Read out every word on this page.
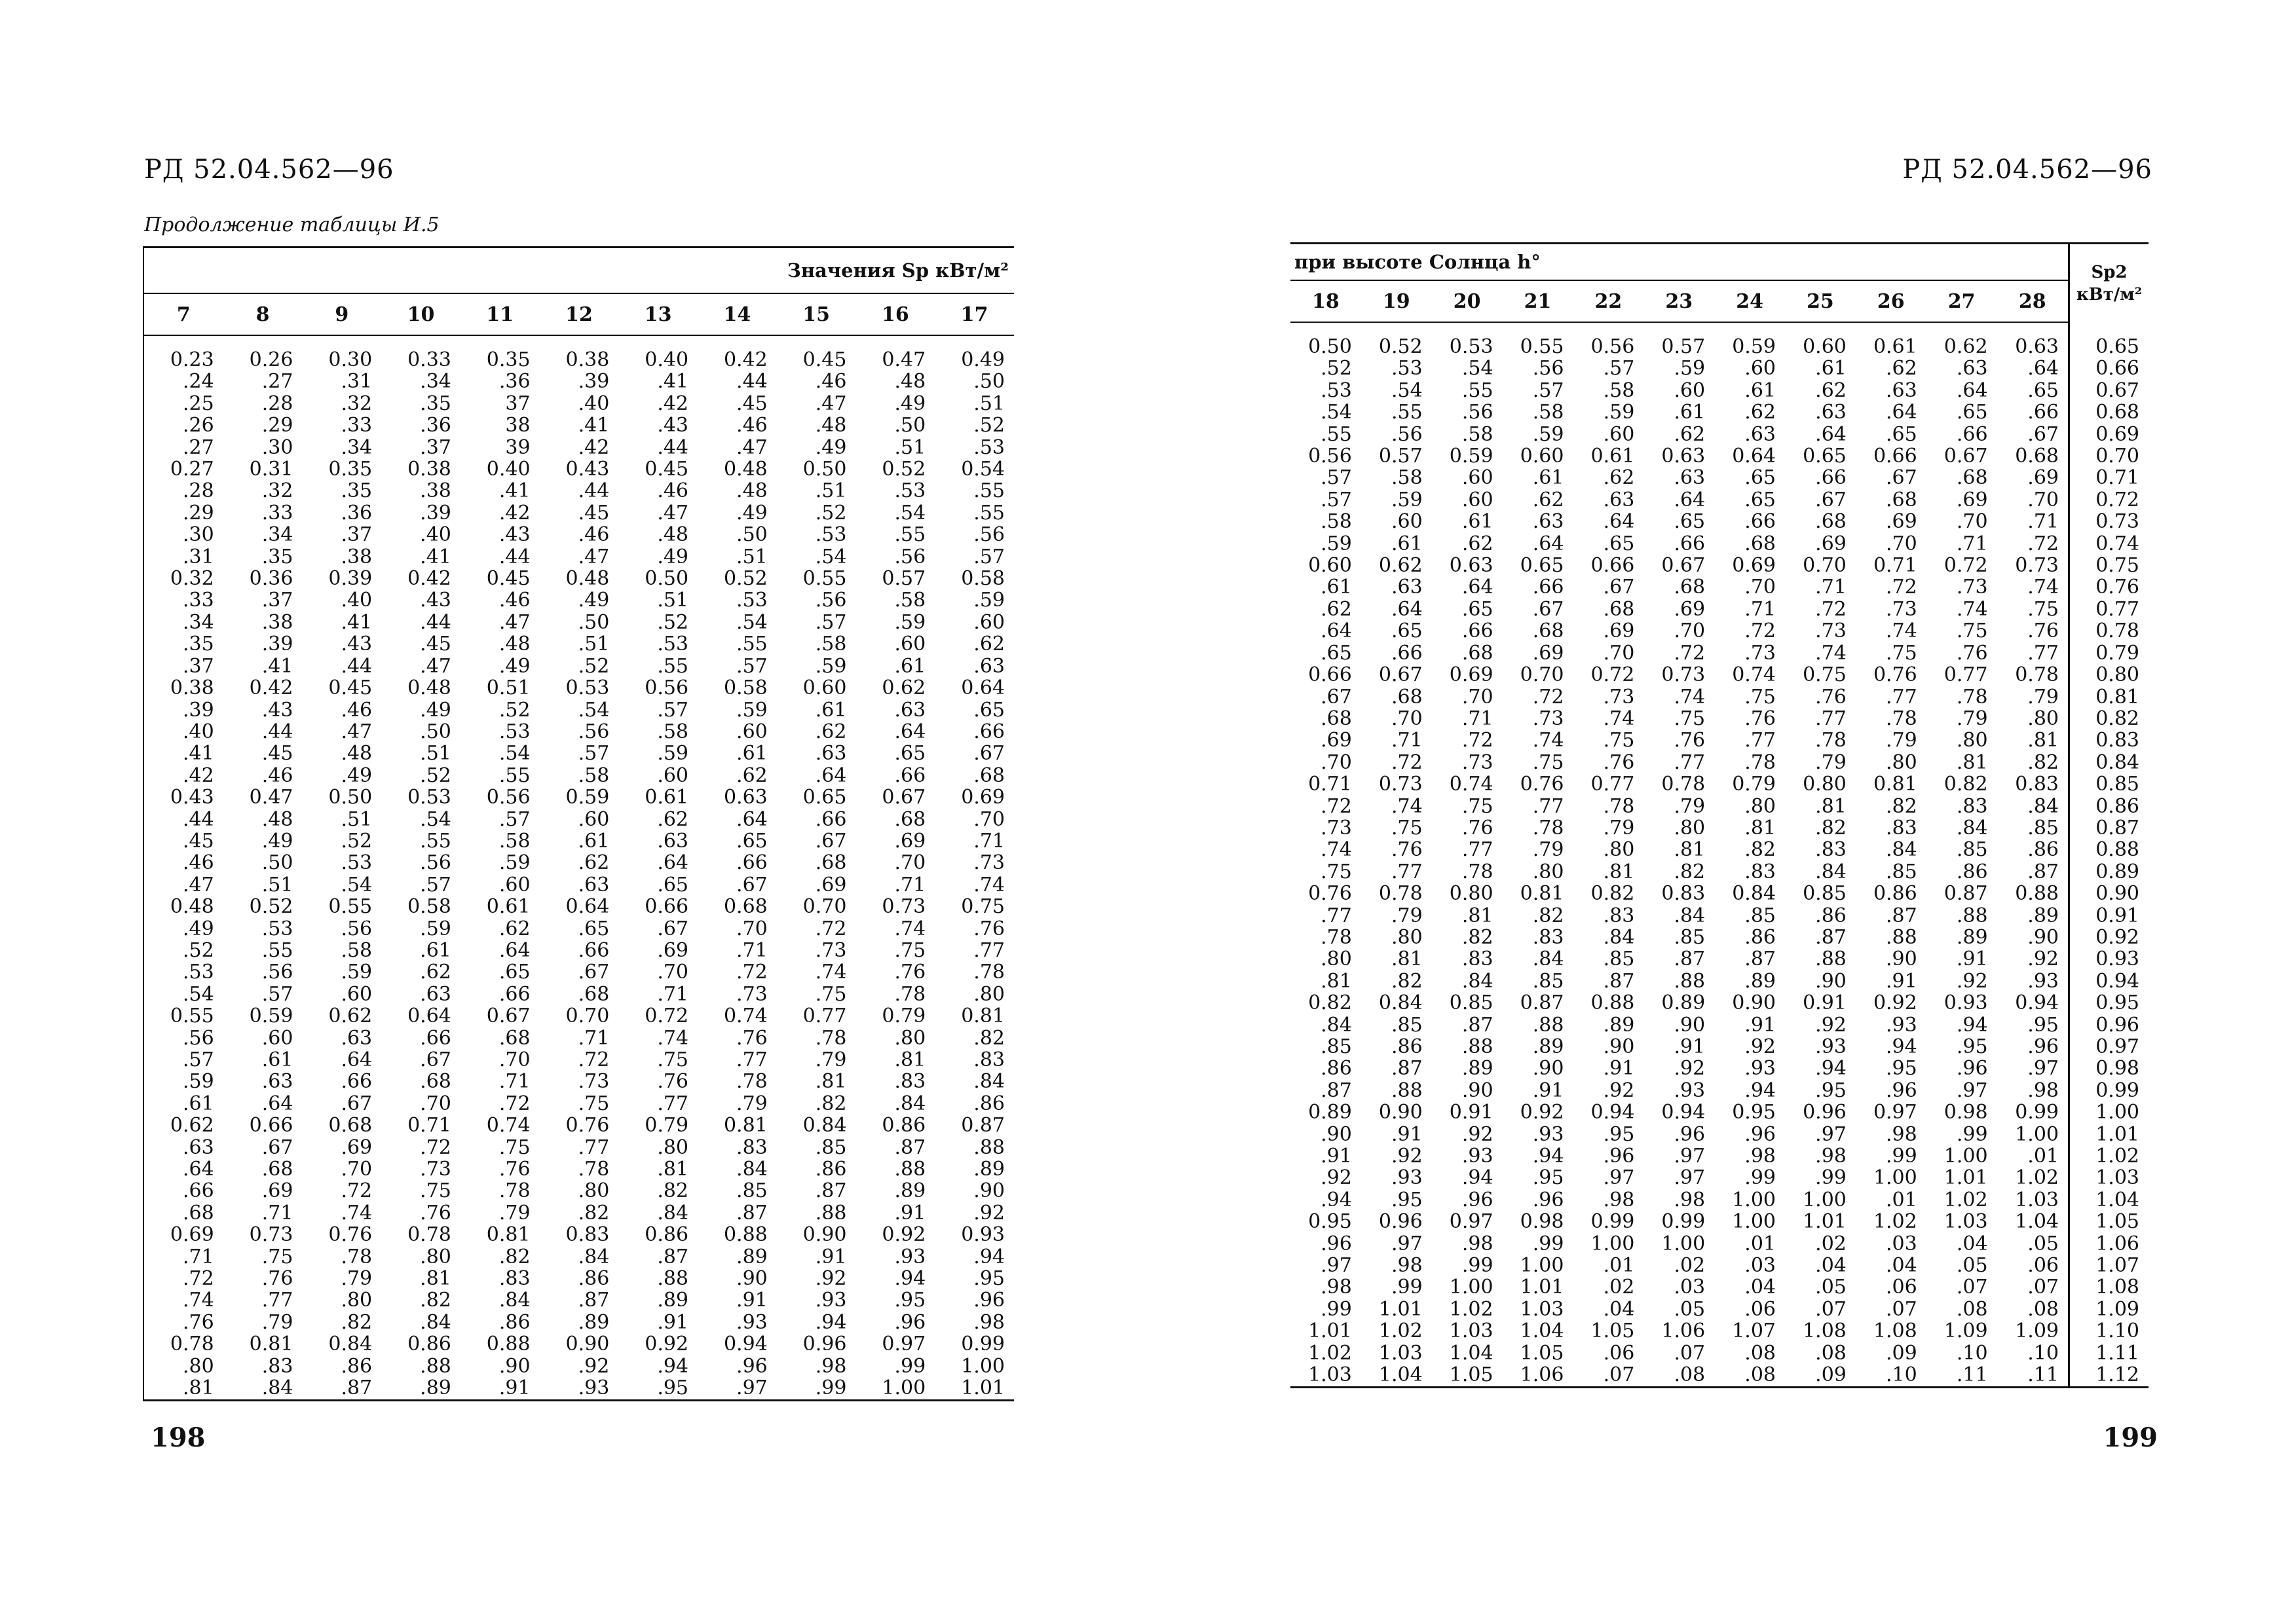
РД 52.04.562—96	РД 52.04.562—96
Продолжение таблицы И.5
Значения Sp кВт/м²										
7	8	9	10	11	12	13	14	15	16	17

0.23	0.26	0.30	0.33	0.35	0.38	0.40	0.42	0.45	0.47	0.49
.24	.27	.31	.34	.36	.39	.41	.44	.46	.48	.50
.25	.28	.32	.35	37	.40	.42	.45	.47	.49	.51
.26	.29	.33	.36	38	.41	.43	.46	.48	.50	.52
.27	.30	.34	.37	39	.42	.44	.47	.49	.51	.53
0.27	0.31	0.35	0.38	0.40	0.43	0.45	0.48	0.50	0.52	0.54
.28	.32	.35	.38	.41	.44	.46	.48	.51	.53	.55
.29	.33	.36	.39	.42	.45	.47	.49	.52	.54	.55
.30	.34	.37	.40	.43	.46	.48	.50	.53	.55	.56
.31	.35	.38	.41	.44	.47	.49	.51	.54	.56	.57
0.32	0.36	0.39	0.42	0.45	0.48	0.50	0.52	0.55	0.57	0.58
.33	.37	.40	.43	.46	.49	.51	.53	.56	.58	.59
.34	.38	.41	.44	.47	.50	.52	.54	.57	.59	.60
.35	.39	.43	.45	.48	.51	.53	.55	.58	.60	.62
.37	.41	.44	.47	.49	.52	.55	.57	.59	.61	.63
0.38	0.42	0.45	0.48	0.51	0.53	0.56	0.58	0.60	0.62	0.64
.39	.43	.46	.49	.52	.54	.57	.59	.61	.63	.65
.40	.44	.47	.50	.53	.56	.58	.60	.62	.64	.66
.41	.45	.48	.51	.54	.57	.59	.61	.63	.65	.67
.42	.46	.49	.52	.55	.58	.60	.62	.64	.66	.68
0.43	0.47	0.50	0.53	0.56	0.59	0.61	0.63	0.65	0.67	0.69
.44	.48	.51	.54	.57	.60	.62	.64	.66	.68	.70
.45	.49	.52	.55	.58	.61	.63	.65	.67	.69	.71
.46	.50	.53	.56	.59	.62	.64	.66	.68	.70	.73
.47	.51	.54	.57	.60	.63	.65	.67	.69	.71	.74
0.48	0.52	0.55	0.58	0.61	0.64	0.66	0.68	0.70	0.73	0.75
.49	.53	.56	.59	.62	.65	.67	.70	.72	.74	.76
.52	.55	.58	.61	.64	.66	.69	.71	.73	.75	.77
.53	.56	.59	.62	.65	.67	.70	.72	.74	.76	.78
.54	.57	.60	.63	.66	.68	.71	.73	.75	.78	.80
0.55	0.59	0.62	0.64	0.67	0.70	0.72	0.74	0.77	0.79	0.81
.56	.60	.63	.66	.68	.71	.74	.76	.78	.80	.82
.57	.61	.64	.67	.70	.72	.75	.77	.79	.81	.83
.59	.63	.66	.68	.71	.73	.76	.78	.81	.83	.84
.61	.64	.67	.70	.72	.75	.77	.79	.82	.84	.86
0.62	0.66	0.68	0.71	0.74	0.76	0.79	0.81	0.84	0.86	0.87
.63	.67	.69	.72	.75	.77	.80	.83	.85	.87	.88
.64	.68	.70	.73	.76	.78	.81	.84	.86	.88	.89
.66	.69	.72	.75	.78	.80	.82	.85	.87	.89	.90
.68	.71	.74	.76	.79	.82	.84	.87	.88	.91	.92
0.69	0.73	0.76	0.78	0.81	0.83	0.86	0.88	0.90	0.92	0.93
.71	.75	.78	.80	.82	.84	.87	.89	.91	.93	.94
.72	.76	.79	.81	.83	.86	.88	.90	.92	.94	.95
.74	.77	.80	.82	.84	.87	.89	.91	.93	.95	.96
.76	.79	.82	.84	.86	.89	.91	.93	.94	.96	.98
0.78	0.81	0.84	0.86	0.88	0.90	0.92	0.94	0.96	0.97	0.99
.80	.83	.86	.88	.90	.92	.94	.96	.98	.99	1.00
.81	.84	.87	.89	.91	.93	.95	.97	.99	1.00	1.01
при высоте Солнца h°											Sp2
кВт/м²

18	19	20	21	22	23	24	25	26	27	28	

0.50	0.52	0.53	0.55	0.56	0.57	0.59	0.60	0.61	0.62	0.63	0.65
.52	.53	.54	.56	.57	.59	.60	.61	.62	.63	.64	0.66
.53	.54	.55	.57	.58	.60	.61	.62	.63	.64	.65	0.67
.54	.55	.56	.58	.59	.61	.62	.63	.64	.65	.66	0.68
.55	.56	.58	.59	.60	.62	.63	.64	.65	.66	.67	0.69
0.56	0.57	0.59	0.60	0.61	0.63	0.64	0.65	0.66	0.67	0.68	0.70
.57	.58	.60	.61	.62	.63	.65	.66	.67	.68	.69	0.71
.57	.59	.60	.62	.63	.64	.65	.67	.68	.69	.70	0.72
.58	.60	.61	.63	.64	.65	.66	.68	.69	.70	.71	0.73
.59	.61	.62	.64	.65	.66	.68	.69	.70	.71	.72	0.74
0.60	0.62	0.63	0.65	0.66	0.67	0.69	0.70	0.71	0.72	0.73	0.75
.61	.63	.64	.66	.67	.68	.70	.71	.72	.73	.74	0.76
.62	.64	.65	.67	.68	.69	.71	.72	.73	.74	.75	0.77
.64	.65	.66	.68	.69	.70	.72	.73	.74	.75	.76	0.78
.65	.66	.68	.69	.70	.72	.73	.74	.75	.76	.77	0.79
0.66	0.67	0.69	0.70	0.72	0.73	0.74	0.75	0.76	0.77	0.78	0.80
.67	.68	.70	.72	.73	.74	.75	.76	.77	.78	.79	0.81
.68	.70	.71	.73	.74	.75	.76	.77	.78	.79	.80	0.82
.69	.71	.72	.74	.75	.76	.77	.78	.79	.80	.81	0.83
.70	.72	.73	.75	.76	.77	.78	.79	.80	.81	.82	0.84
0.71	0.73	0.74	0.76	0.77	0.78	0.79	0.80	0.81	0.82	0.83	0.85
.72	.74	.75	.77	.78	.79	.80	.81	.82	.83	.84	0.86
.73	.75	.76	.78	.79	.80	.81	.82	.83	.84	.85	0.87
.74	.76	.77	.79	.80	.81	.82	.83	.84	.85	.86	0.88
.75	.77	.78	.80	.81	.82	.83	.84	.85	.86	.87	0.89
0.76	0.78	0.80	0.81	0.82	0.83	0.84	0.85	0.86	0.87	0.88	0.90
.77	.79	.81	.82	.83	.84	.85	.86	.87	.88	.89	0.91
.78	.80	.82	.83	.84	.85	.86	.87	.88	.89	.90	0.92
.80	.81	.83	.84	.85	.87	.87	.88	.90	.91	.92	0.93
.81	.82	.84	.85	.87	.88	.89	.90	.91	.92	.93	0.94
0.82	0.84	0.85	0.87	0.88	0.89	0.90	0.91	0.92	0.93	0.94	0.95
.84	.85	.87	.88	.89	.90	.91	.92	.93	.94	.95	0.96
.85	.86	.88	.89	.90	.91	.92	.93	.94	.95	.96	0.97
.86	.87	.89	.90	.91	.92	.93	.94	.95	.96	.97	0.98
.87	.88	.90	.91	.92	.93	.94	.95	.96	.97	.98	0.99
0.89	0.90	0.91	0.92	0.94	0.94	0.95	0.96	0.97	0.98	0.99	1.00
.90	.91	.92	.93	.95	.96	.96	.97	.98	.99	1.00	1.01
.91	.92	.93	.94	.96	.97	.98	.98	.99	1.00	.01	1.02
.92	.93	.94	.95	.97	.97	.99	.99	1.00	1.01	1.02	1.03
.94	.95	.96	.96	.98	.98	1.00	1.00	.01	1.02	1.03	1.04
0.95	0.96	0.97	0.98	0.99	0.99	1.00	1.01	1.02	1.03	1.04	1.05
.96	.97	.98	.99	1.00	1.00	.01	.02	.03	.04	.05	1.06
.97	.98	.99	1.00	.01	.02	.03	.04	.04	.05	.06	1.07
.98	.99	1.00	1.01	.02	.03	.04	.05	.06	.07	.07	1.08
.99	1.01	1.02	1.03	.04	.05	.06	.07	.07	.08	.08	1.09
1.01	1.02	1.03	1.04	1.05	1.06	1.07	1.08	1.08	1.09	1.09	1.10
1.02	1.03	1.04	1.05	.06	.07	.08	.08	.09	.10	.10	1.11
1.03	1.04	1.05	1.06	.07	.08	.08	.09	.10	.11	.11	1.12
198	199
